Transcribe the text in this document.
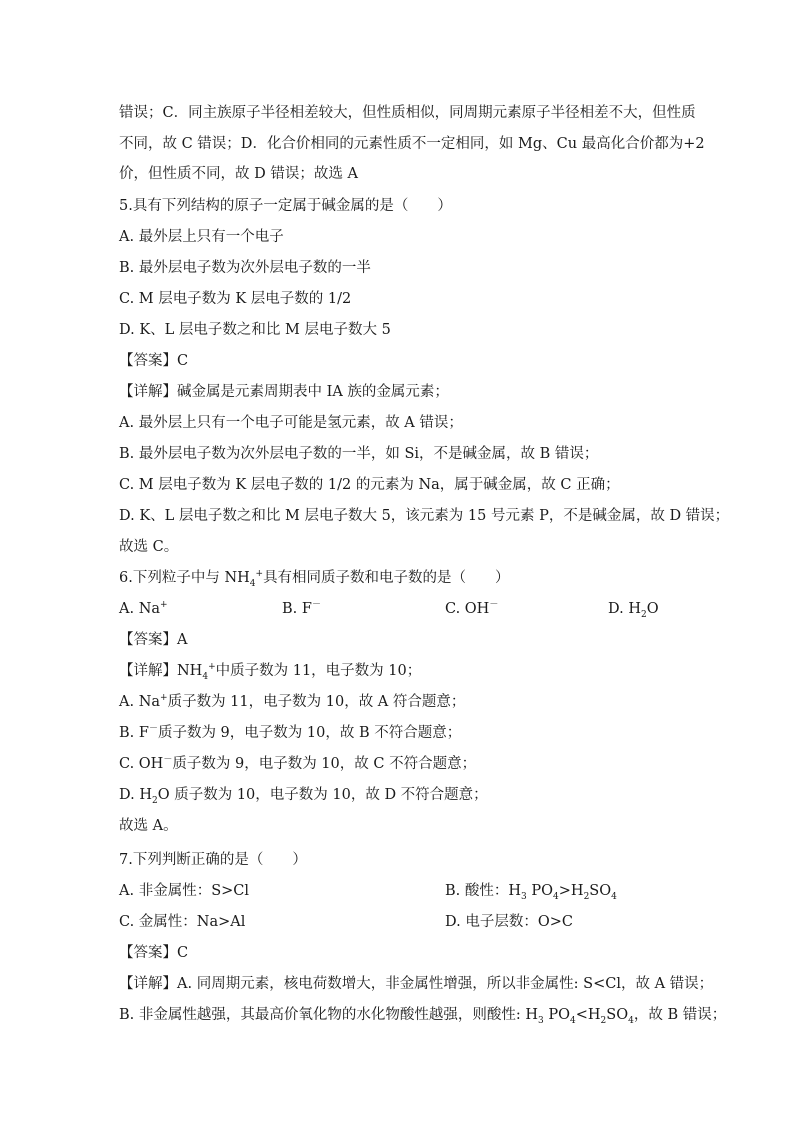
错误；C．同主族原子半径相差较大，但性质相似，同周期元素原子半径相差不大，但性质
不同，故 C 错误；D．化合价相同的元素性质不一定相同，如 Mg、Cu 最高化合价都为+2
价，但性质不同，故 D 错误；故选 A
5.具有下列结构的原子一定属于碱金属的是（　　）
A. 最外层上只有一个电子
B. 最外层电子数为次外层电子数的一半
C. M 层电子数为 K 层电子数的 1/2
D. K、L 层电子数之和比 M 层电子数大 5
【答案】C
【详解】碱金属是元素周期表中 IA 族的金属元素；
A. 最外层上只有一个电子可能是氢元素，故 A 错误；
B. 最外层电子数为次外层电子数的一半，如 Si，不是碱金属，故 B 错误；
C. M 层电子数为 K 层电子数的 1/2 的元素为 Na，属于碱金属，故 C 正确；
D. K、L 层电子数之和比 M 层电子数大 5，该元素为 15 号元素 P，不是碱金属，故 D 错误；
故选 C。
6.下列粒子中与 $NH_4^+$具有相同质子数和电子数的是（　　）
A. Na+	B. F－	C. OH－	D. $H_2O$
【答案】A
【详解】$NH_4^+$中质子数为 11，电子数为 10；
A. Na+质子数为 11，电子数为 10，故 A 符合题意；
B. F－质子数为 9，电子数为 10，故 B 不符合题意；
C. OH－质子数为 9，电子数为 10，故 C 不符合题意；
D. $H_2O$ 质子数为 10，电子数为 10，故 D 不符合题意；
故选 A。
7.下列判断正确的是（　　）
A. 非金属性：S>Cl	B. 酸性：$H_3$ $PO_4>H_2SO_4$
C. 金属性：Na>Al	D. 电子层数：O>C
【答案】C
【详解】A. 同周期元素，核电荷数增大，非金属性增强，所以非金属性: S<Cl，故 A 错误；
B. 非金属性越强，其最高价氧化物的水化物酸性越强，则酸性: $H_3$ $PO_4<H_2SO_4$，故 B 错误；
